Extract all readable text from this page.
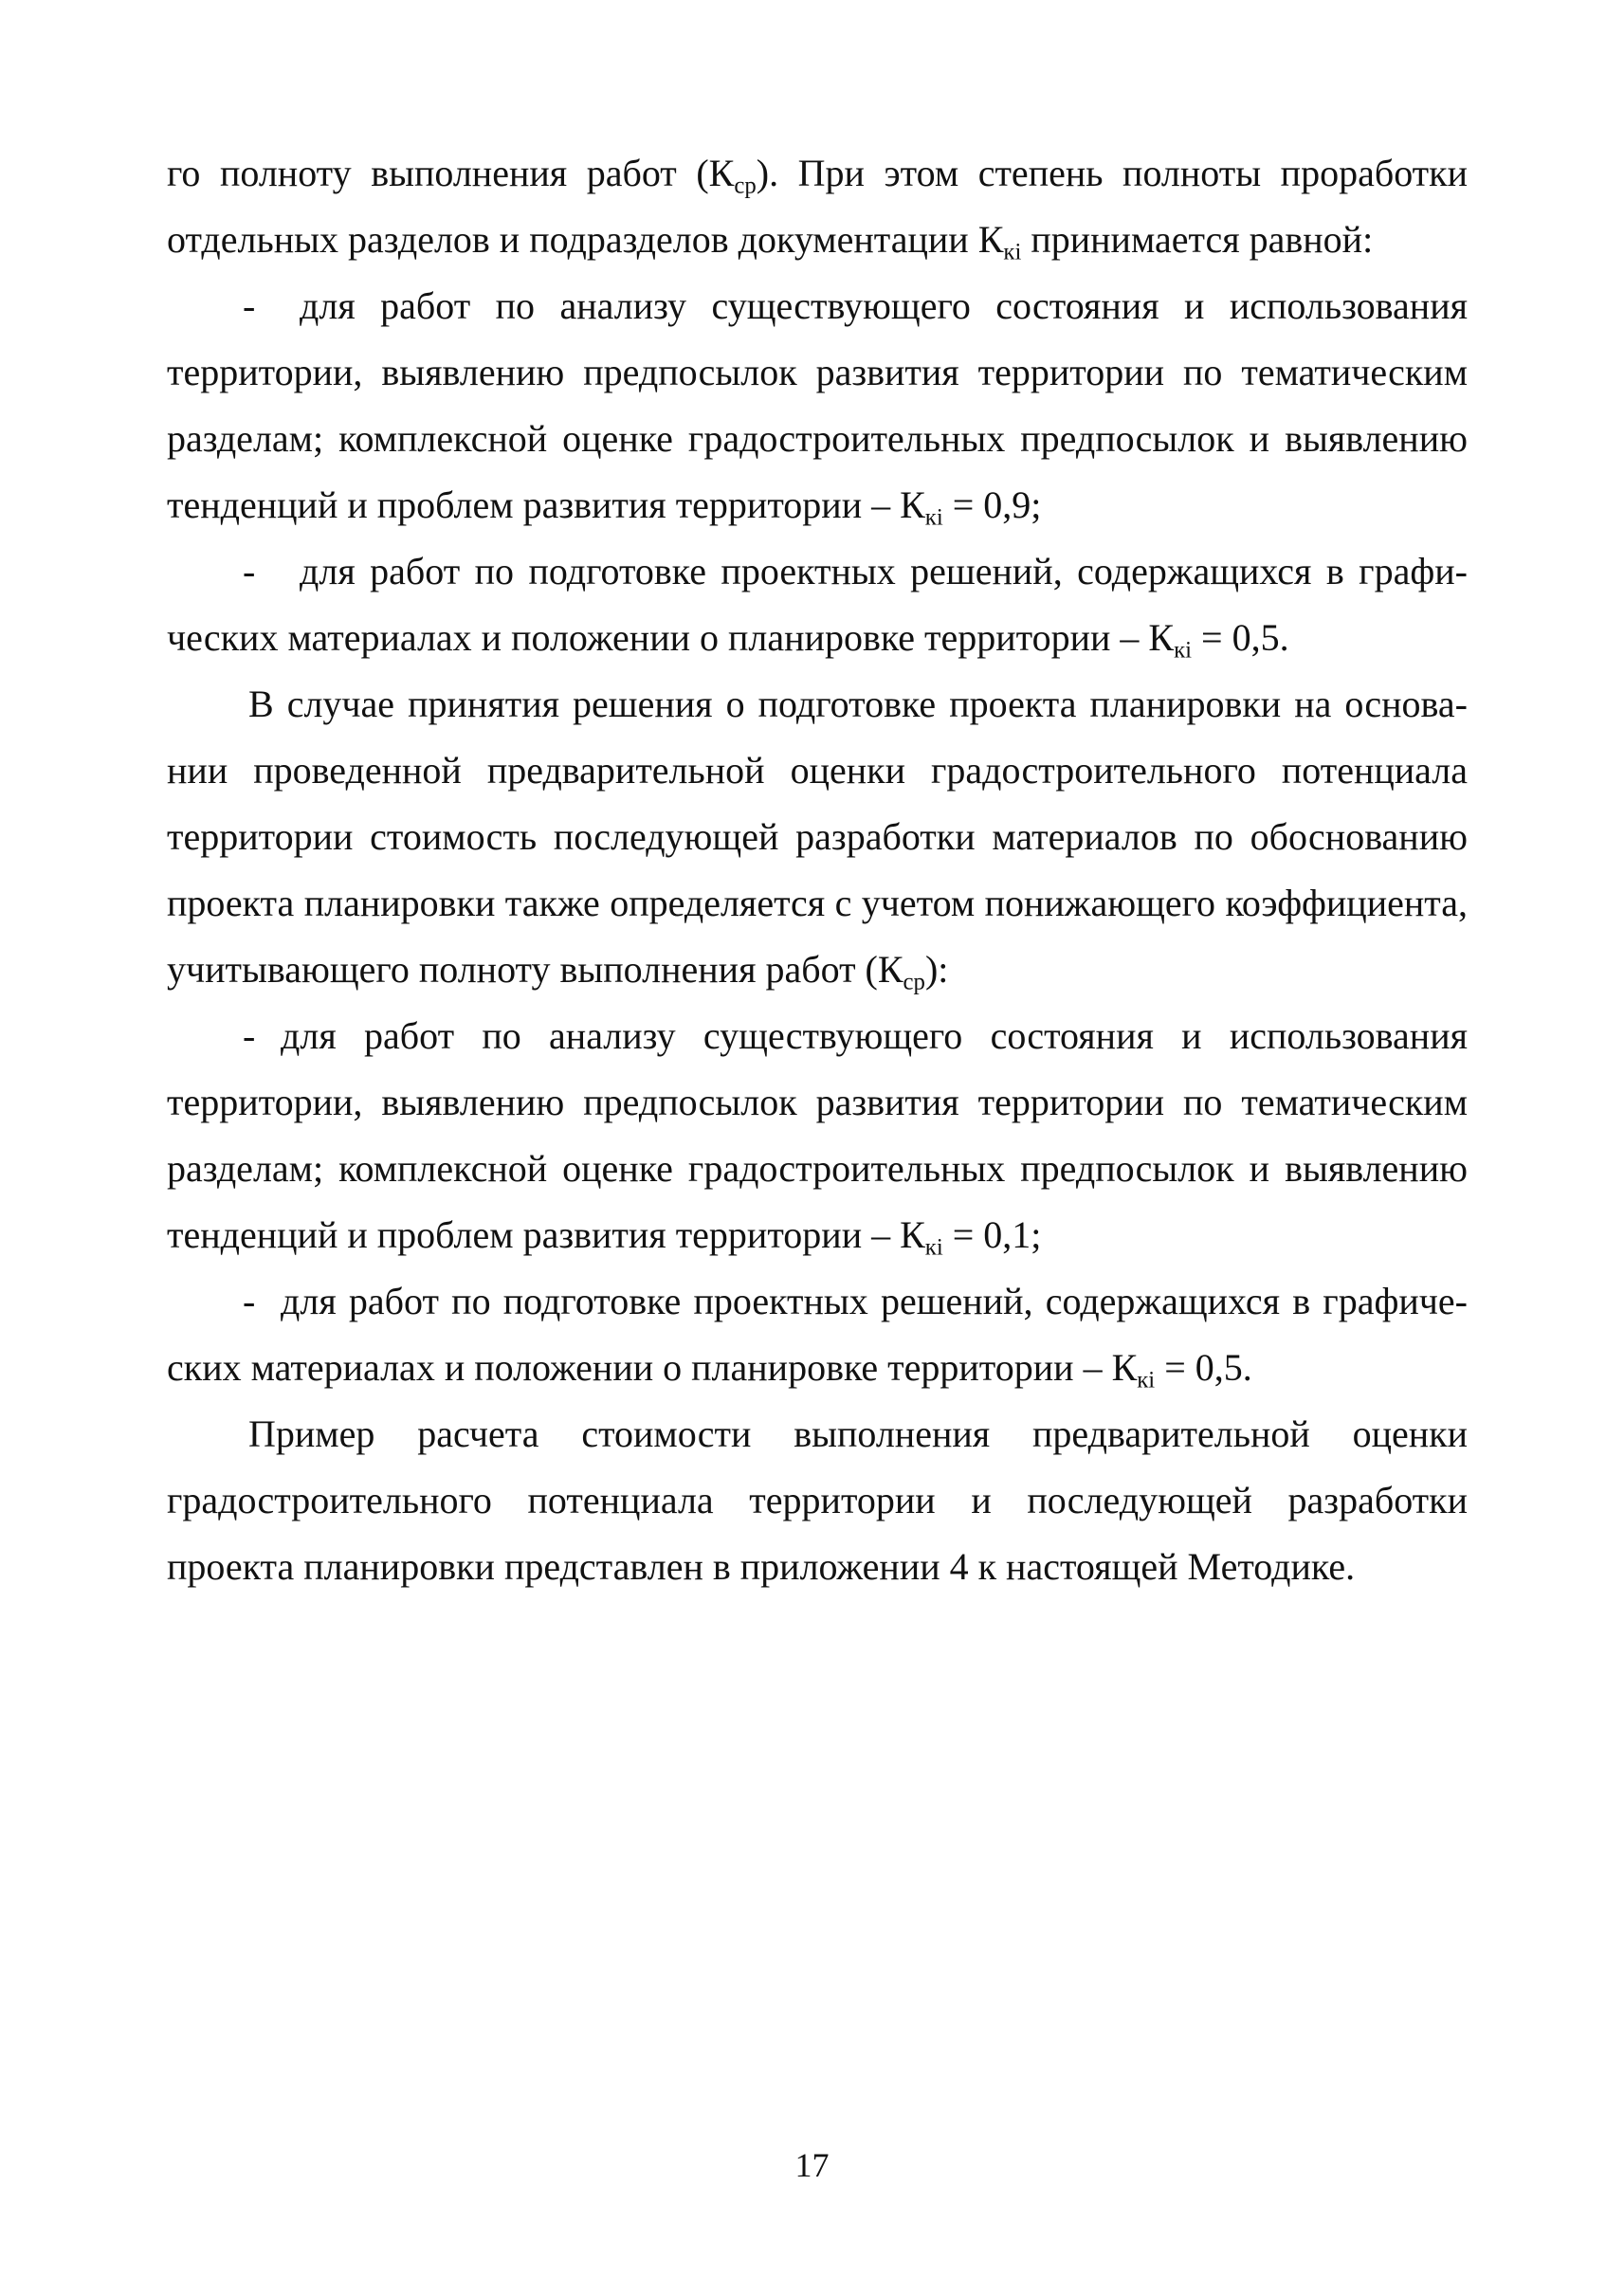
го полноту выполнения работ $(К_{ср})$. При этом степень полноты проработки отдельных разделов и подразделов документации $К_{кi}$ принимается равной:

- для работ по анализу существующего состояния и использования территории, выявлению предпосылок развития территории по тематическим разделам; комплексной оценке градостроительных предпосылок и выявлению тенденций и проблем развития территории – $К_{кi} = 0,9$;

- для работ по подготовке проектных решений, содержащихся в графических материалах и положении о планировке территории – $К_{кi} = 0,5$.

В случае принятия решения о подготовке проекта планировки на основании проведенной предварительной оценки градостроительного потенциала территории стоимость последующей разработки материалов по обоснованию проекта планировки также определяется с учетом понижающего коэффициента, учитывающего полноту выполнения работ $(К_{ср})$:

- для работ по анализу существующего состояния и использования территории, выявлению предпосылок развития территории по тематическим разделам; комплексной оценке градостроительных предпосылок и выявлению тенденций и проблем развития территории – $К_{кi} = 0,1$;

- для работ по подготовке проектных решений, содержащихся в графических материалах и положении о планировке территории – $К_{кi} = 0,5$.

Пример расчета стоимости выполнения предварительной оценки градостроительного потенциала территории и последующей разработки проекта планировки представлен в приложении 4 к настоящей Методике.

17
